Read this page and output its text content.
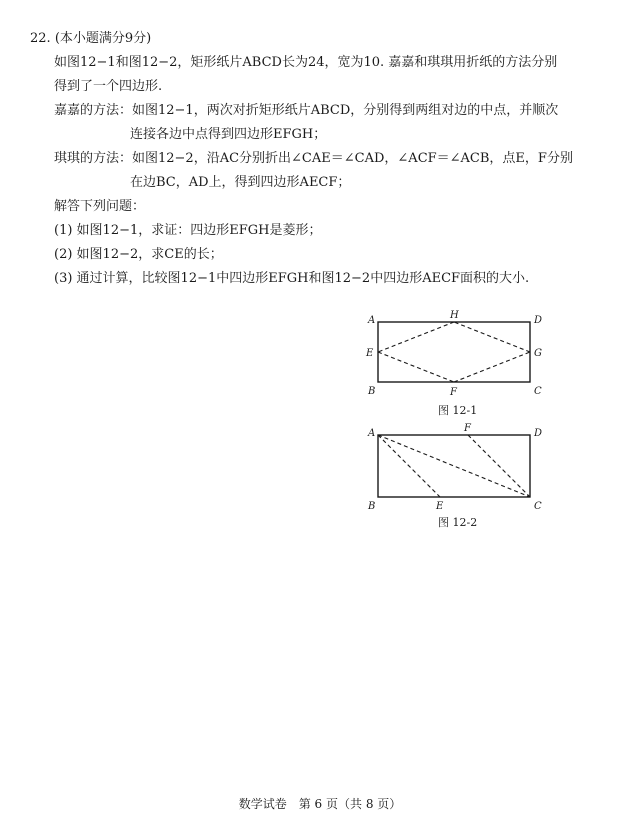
22. (本小题满分9分)
如图12−1和图12−2，矩形纸片ABCD长为24，宽为10. 嘉嘉和琪琪用折纸的方法分别
得到了一个四边形.
嘉嘉的方法：如图12−1，两次对折矩形纸片ABCD，分别得到两组对边的中点，并顺次
连接各边中点得到四边形EFGH；
琪琪的方法：如图12−2，沿AC分别折出∠CAE＝∠CAD，∠ACF＝∠ACB，点E，F分别
在边BC，AD上，得到四边形AECF；
解答下列问题：
(1) 如图12−1，求证：四边形EFGH是菱形；
(2) 如图12−2，求CE的长；
(3) 通过计算，比较图12−1中四边形EFGH和图12−2中四边形AECF面积的大小.
A	H	D
E	G
B	F	C
图 12-1
A	F	D
B	E	C
图 12-2
数学试卷　第 6 页（共 8 页）
